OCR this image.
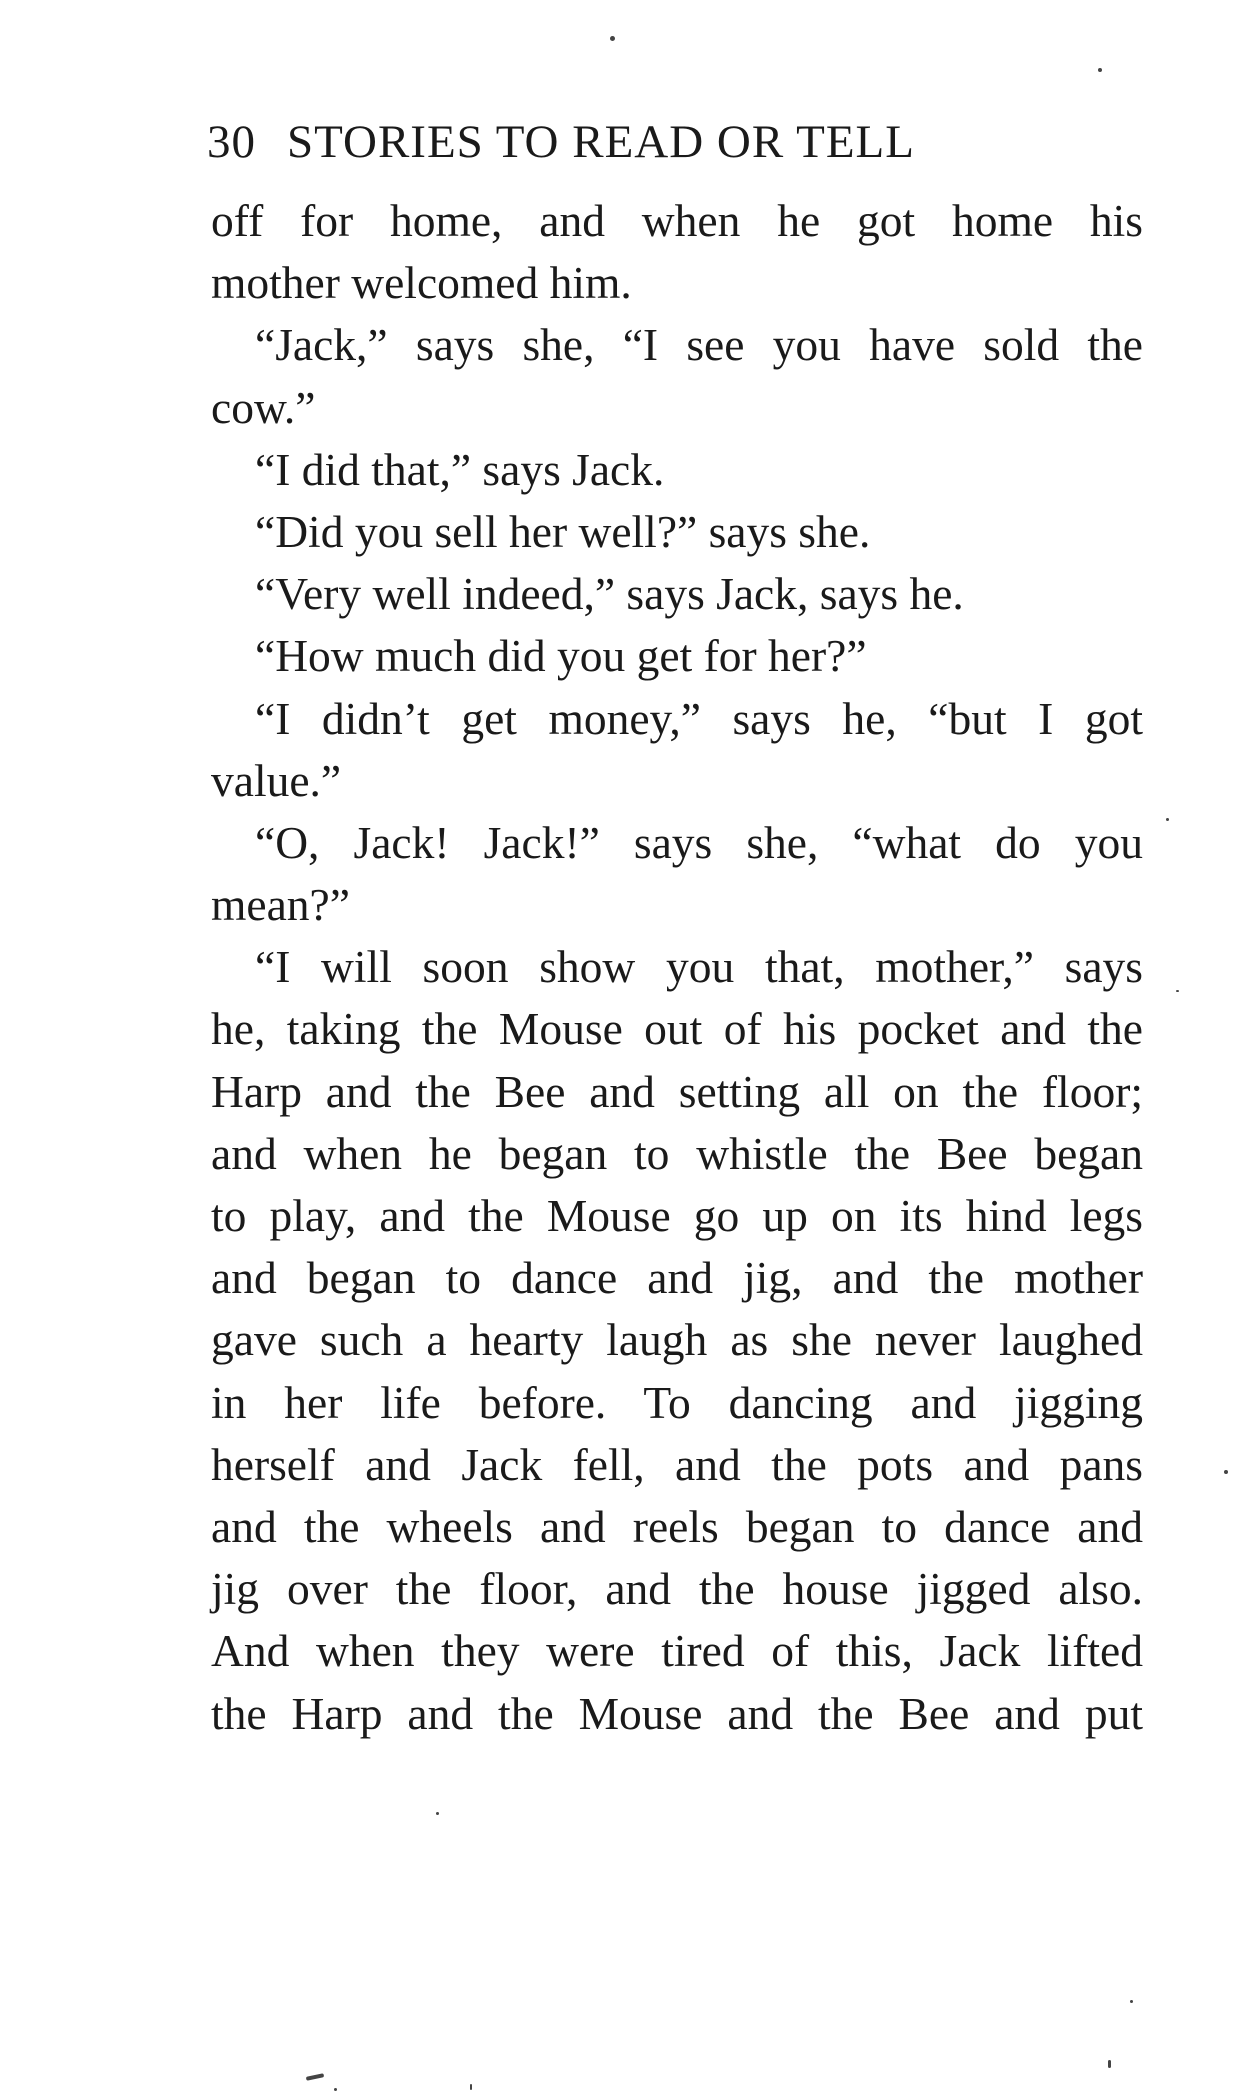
30 STORIES TO READ OR TELL
off for home, and when he got home his
mother welcomed him.
“Jack,” says she, “I see you have sold the
cow.”
“I did that,” says Jack.
“Did you sell her well?” says she.
“Very well indeed,” says Jack, says he.
“How much did you get for her?”
“I didn’t get money,” says he, “but I got
value.”
“O, Jack! Jack!” says she, “what do you
mean?”
“I will soon show you that, mother,” says
he, taking the Mouse out of his pocket and the
Harp and the Bee and setting all on the floor;
and when he began to whistle the Bee began
to play, and the Mouse go up on its hind legs
and began to dance and jig, and the mother
gave such a hearty laugh as she never laughed
in her life before. To dancing and jigging
herself and Jack fell, and the pots and pans
and the wheels and reels began to dance and
jig over the floor, and the house jigged also.
And when they were tired of this, Jack lifted
the Harp and the Mouse and the Bee and put
